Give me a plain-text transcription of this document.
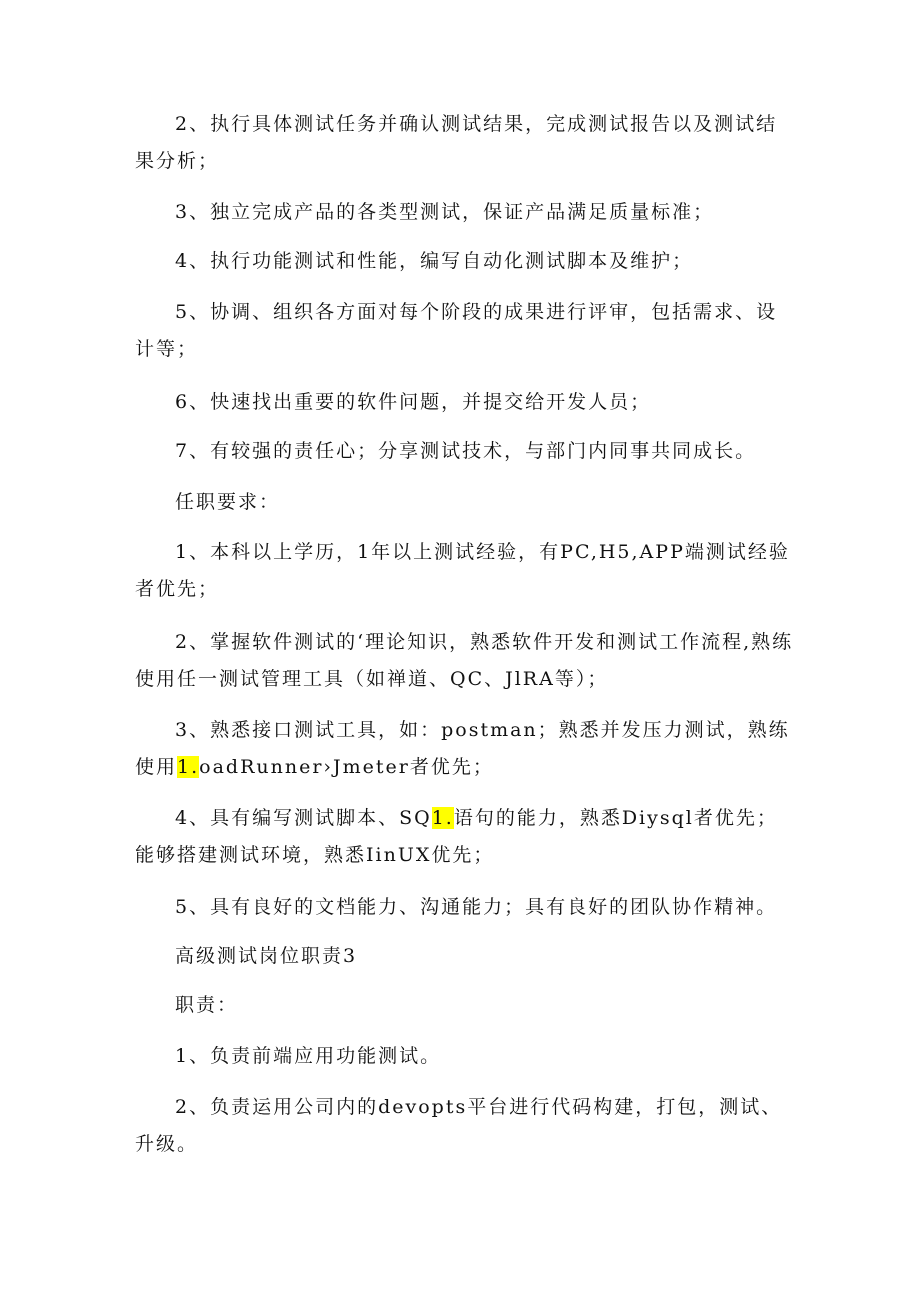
2、执行具体测试任务并确认测试结果，完成测试报告以及测试结果分析；

3、独立完成产品的各类型测试，保证产品满足质量标准；

4、执行功能测试和性能，编写自动化测试脚本及维护；

5、协调、组织各方面对每个阶段的成果进行评审，包括需求、设计等；

6、快速找出重要的软件问题，并提交给开发人员；

7、有较强的责任心；分享测试技术，与部门内同事共同成长。

任职要求：

1、本科以上学历，1年以上测试经验，有PC,H5,APP端测试经验者优先；

2、掌握软件测试的‘理论知识，熟悉软件开发和测试工作流程,熟练使用任一测试管理工具（如禅道、QC、JlRA等）；

3、熟悉接口测试工具，如：postman；熟悉并发压力测试，熟练使用1.oadRunner›Jmeter者优先；

4、具有编写测试脚本、SQ1.语句的能力，熟悉Diysql者优先；能够搭建测试环境，熟悉IinUX优先；

5、具有良好的文档能力、沟通能力；具有良好的团队协作精神。

高级测试岗位职责3

职责：

1、负责前端应用功能测试。

2、负责运用公司内的devopts平台进行代码构建，打包，测试、升级。
